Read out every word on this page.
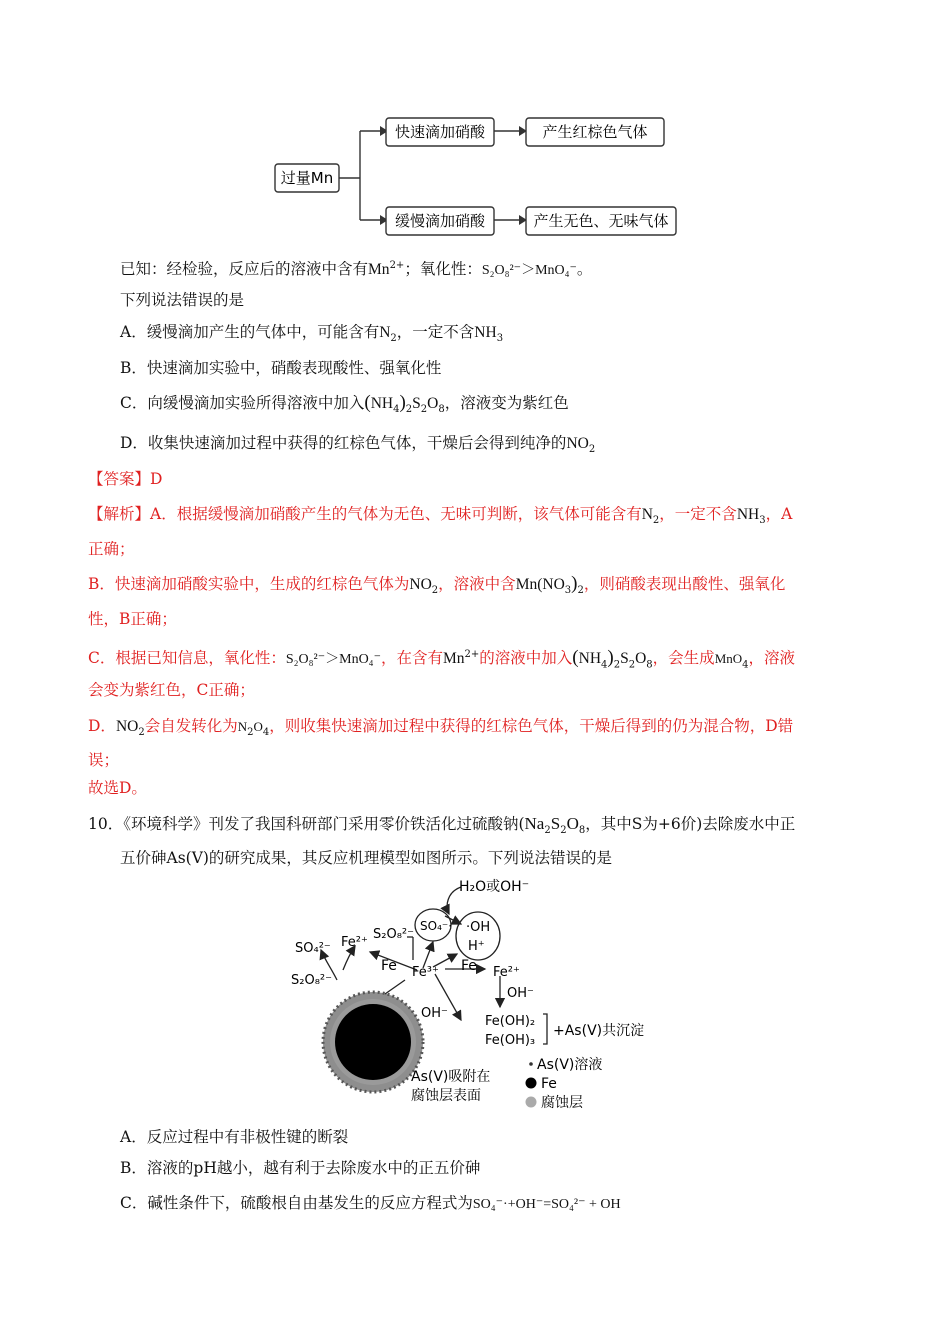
过量Mn
快速滴加硝酸
缓慢滴加硝酸
产生红棕色气体
产生无色、无味气体
已知：经检验，反应后的溶液中含有$Mn^{2+}$；氧化性：S₂O₈²⁻＞MnO₄⁻。
下列说法错误的是
A．缓慢滴加产生的气体中，可能含有$N_2$，一定不含$NH_3$
B．快速滴加实验中，硝酸表现酸性、强氧化性
C．向缓慢滴加实验所得溶液中加入$(NH_4)_2S_2O_8$，溶液变为紫红色
D．收集快速滴加过程中获得的红棕色气体，干燥后会得到纯净的$NO_2$
【答案】D
【解析】A．根据缓慢滴加硝酸产生的气体为无色、无味可判断，该气体可能含有$N_2$，一定不含$NH_3$，A
正确；
B．快速滴加硝酸实验中，生成的红棕色气体为$NO_2$，溶液中含$Mn(NO_3)_2$，则硝酸表现出酸性、强氧化
性，B正确；
C．根据已知信息，氧化性：S₂O₈²⁻＞MnO₄⁻，在含有$Mn^{2+}$的溶液中加入$(NH_4)_2S_2O_8$，会生成MnO$_4$，溶液
会变为紫红色，C正确；
D．$NO_2$会自发转化为$N_2O_4$，则收集快速滴加过程中获得的红棕色气体，干燥后得到的仍为混合物，D错
误；
故选D。
10．《环境科学》刊发了我国科研部门采用零价铁活化过硫酸钠($Na_2S_2O_8$，其中S为+6价)去除废水中正
五价砷As(V)的研究成果，其反应机理模型如图所示。下列说法错误的是
H₂O或OH⁻
SO₄⁻· ·OH
H⁺
SO₄²⁻ Fe²⁺
S₂O₈²⁻
S₂O₈²⁻
Fe Fe³⁺ Fe Fe²⁺
OH⁻
OH⁻
Fe(OH)₂
Fe(OH)₃
+As(V)共沉淀
As(V)吸附在
腐蚀层表面
As(V)溶液
Fe
腐蚀层
A．反应过程中有非极性键的断裂
B．溶液的pH越小，越有利于去除废水中的正五价砷
C．碱性条件下，硫酸根自由基发生的反应方程式为SO₄⁻·+OH⁻=SO₄²⁻ + OH
